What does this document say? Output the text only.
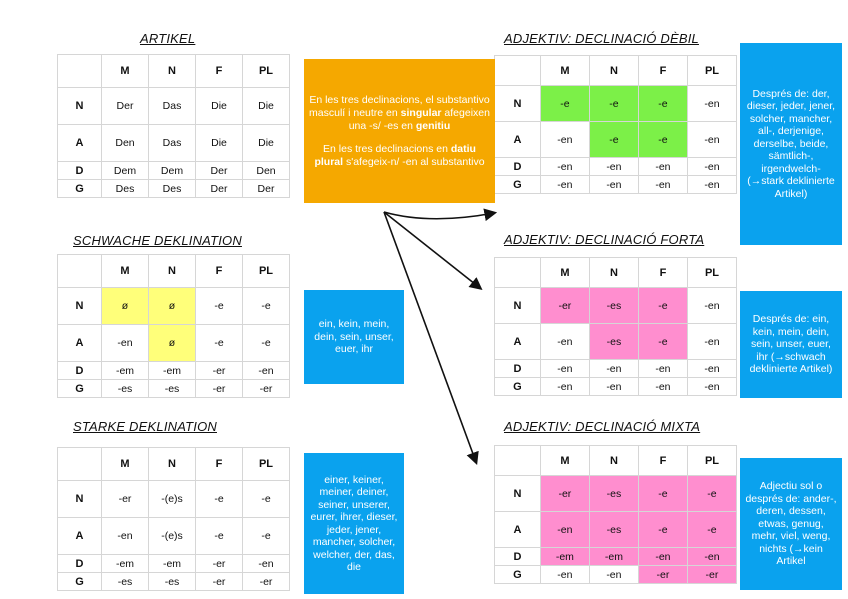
ARTIKEL
SCHWACHE DEKLINATION
STARKE DEKLINATION
ADJEKTIV: DECLINACIÓ DÈBIL
ADJEKTIV: DECLINACIÓ FORTA
ADJEKTIV: DECLINACIÓ MIXTA
	M	N	F	PL
N	Der	Das	Die	Die
A	Den	Das	Die	Die
D	Dem	Dem	Der	Den
G	Des	Des	Der	Der
	M	N	F	PL
N	ø	ø	-e	-e
A	-en	ø	-e	-e
D	-em	-em	-er	-en
G	-es	-es	-er	-er
	M	N	F	PL
N	-er	-(e)s	-e	-e
A	-en	-(e)s	-e	-e
D	-em	-em	-er	-en
G	-es	-es	-er	-er
	M	N	F	PL
N	-e	-e	-e	-en
A	-en	-e	-e	-en
D	-en	-en	-en	-en
G	-en	-en	-en	-en
	M	N	F	PL
N	-er	-es	-e	-en
A	-en	-es	-e	-en
D	-en	-en	-en	-en
G	-en	-en	-en	-en
	M	N	F	PL
N	-er	-es	-e	-e
A	-en	-es	-e	-e
D	-em	-em	-en	-en
G	-en	-en	-er	-er
En les tres declinacions, el substantivo masculí i neutre en singular afegeixen una -s/ -es en genitiu
En les tres declinacions en datiu plural s'afegeix-n/ -en al substantivo
ein, kein, mein, dein, sein, unser, euer, ihr
einer, keiner, meiner, deiner, seiner, unserer, eurer, ihrer, dieser, jeder, jener, mancher, solcher, welcher, der, das, die
Després de: der, dieser, jeder, jener, solcher, mancher, all-, derjenige, derselbe, beide, sämtlich-, irgendwelch- (→stark deklinierte Artikel)
Després de: ein, kein, mein, dein, sein, unser, euer, ihr (→schwach deklinierte Artikel)
Adjectiu sol o després de: ander-, deren, dessen, etwas, genug, mehr, viel, weng, nichts (→kein Artikel
